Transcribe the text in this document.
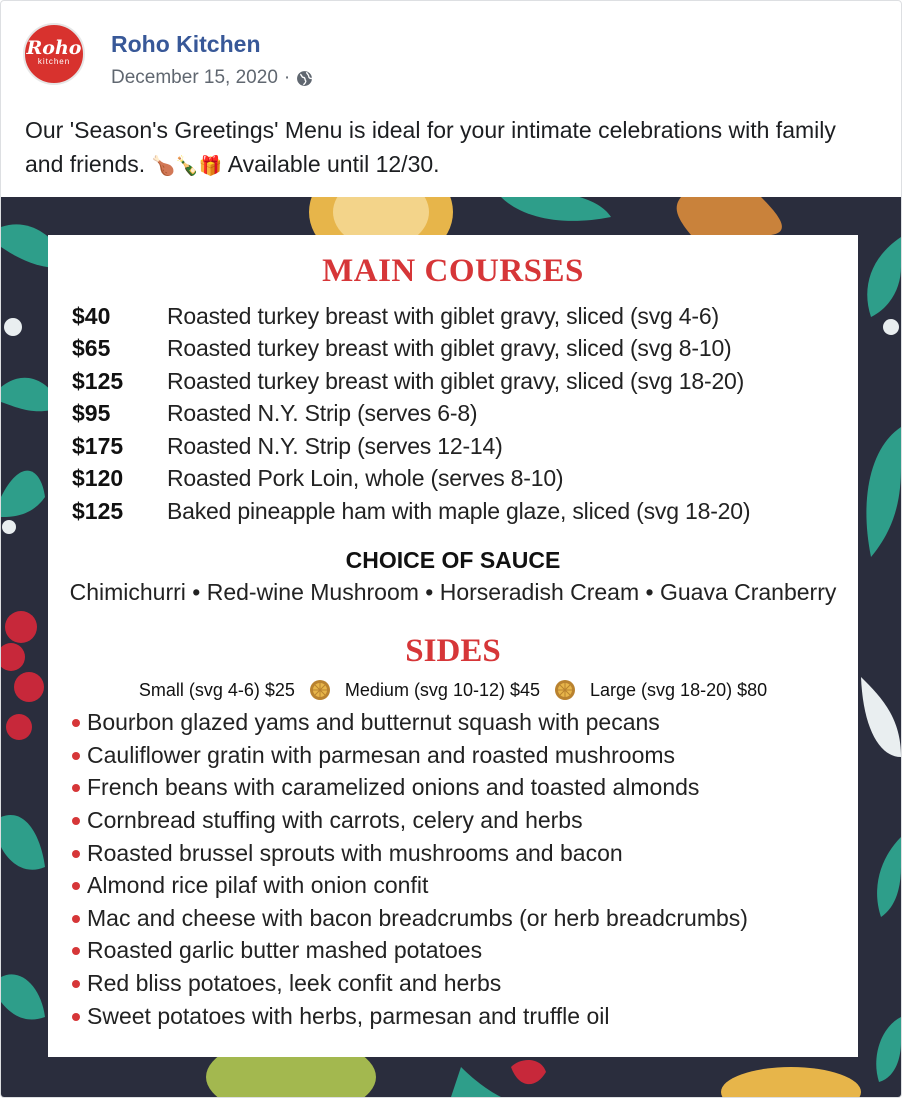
Roho
kitchen
Roho Kitchen
December 15, 2020 ·
Our 'Season's Greetings' Menu is ideal for your intimate celebrations with family and friends. 🍗🍾🎁 Available until 12/30.
MAIN COURSES
$40 Roasted turkey breast with giblet gravy, sliced (svg 4-6)
$65 Roasted turkey breast with giblet gravy, sliced (svg 8-10)
$125 Roasted turkey breast with giblet gravy, sliced (svg 18-20)
$95 Roasted N.Y. Strip (serves 6-8)
$175 Roasted N.Y. Strip (serves 12-14)
$120 Roasted Pork Loin, whole (serves 8-10)
$125 Baked pineapple ham with maple glaze, sliced (svg 18-20)
CHOICE OF SAUCE
Chimichurri • Red-wine Mushroom • Horseradish Cream • Guava Cranberry
SIDES
Small (svg 4-6) $25	Medium (svg 10-12) $45	Large (svg 18-20) $80
Bourbon glazed yams and butternut squash with pecans
Cauliflower gratin with parmesan and roasted mushrooms
French beans with caramelized onions and toasted almonds
Cornbread stuffing with carrots, celery and herbs
Roasted brussel sprouts with mushrooms and bacon
Almond rice pilaf with onion confit
Mac and cheese with bacon breadcrumbs (or herb breadcrumbs)
Roasted garlic butter mashed potatoes
Red bliss potatoes, leek confit and herbs
Sweet potatoes with herbs, parmesan and truffle oil
